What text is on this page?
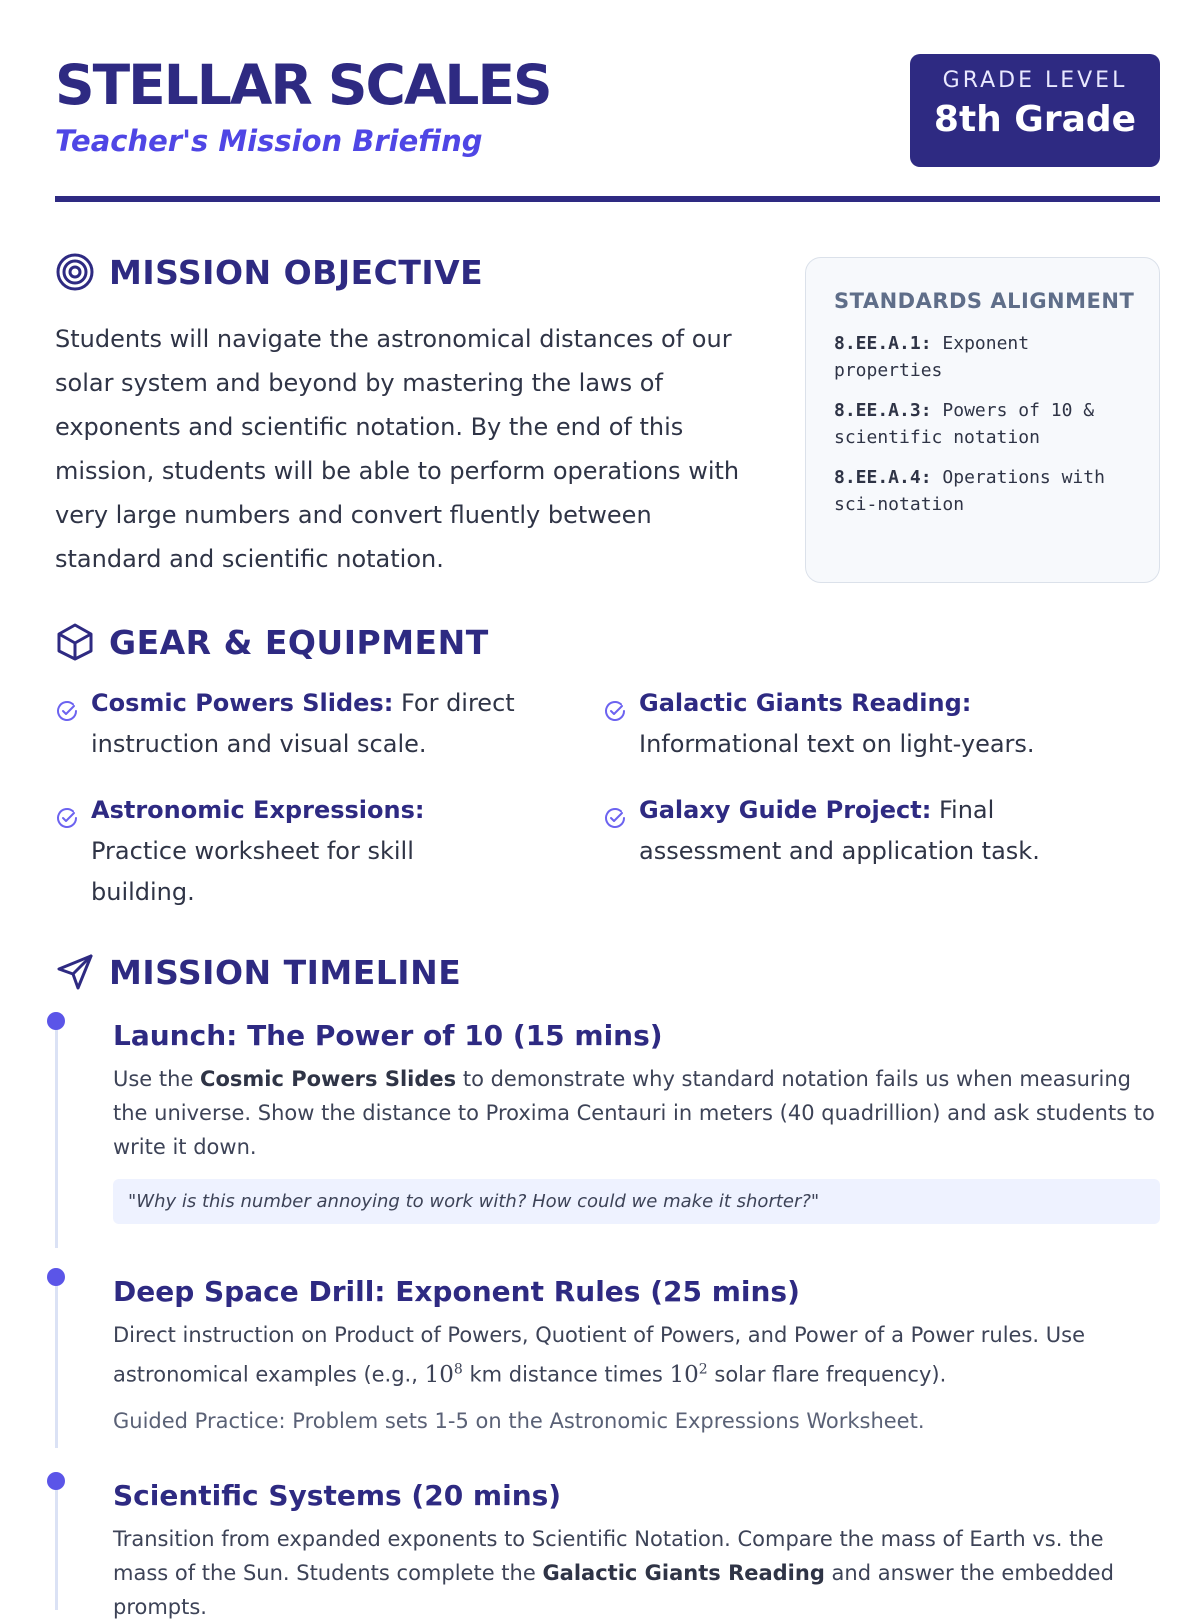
STELLAR SCALES
Teacher's Mission Briefing
GRADE LEVEL
8th Grade
MISSION OBJECTIVE

Students will navigate the astronomical distances of our solar system and beyond by mastering the laws of exponents and scientific notation. By the end of this mission, students will be able to perform operations with very large numbers and convert fluently between standard and scientific notation.

STANDARDS ALIGNMENT
8.EE.A.1: Exponent properties
8.EE.A.3: Powers of 10 & scientific notation
8.EE.A.4: Operations with sci-notation
GEAR & EQUIPMENT
Cosmic Powers Slides: For direct instruction and visual scale.
Galactic Giants Reading: Informational text on light-years.
Astronomic Expressions: Practice worksheet for skill building.
Galaxy Guide Project: Final assessment and application task.
MISSION TIMELINE
Launch: The Power of 10 (15 mins)

Use the Cosmic Powers Slides to demonstrate why standard notation fails us when measuring the universe. Show the distance to Proxima Centauri in meters (40 quadrillion) and ask students to write it down.

"Why is this number annoying to work with? How could we make it shorter?"
Deep Space Drill: Exponent Rules (25 mins)

Direct instruction on Product of Powers, Quotient of Powers, and Power of a Power rules. Use astronomical examples (e.g., $10^8$ km distance times $10^2$ solar flare frequency).

Guided Practice: Problem sets 1-5 on the Astronomic Expressions Worksheet.

Scientific Systems (20 mins)

Transition from expanded exponents to Scientific Notation. Compare the mass of Earth vs. the mass of the Sun. Students complete the Galactic Giants Reading and answer the embedded prompts.
